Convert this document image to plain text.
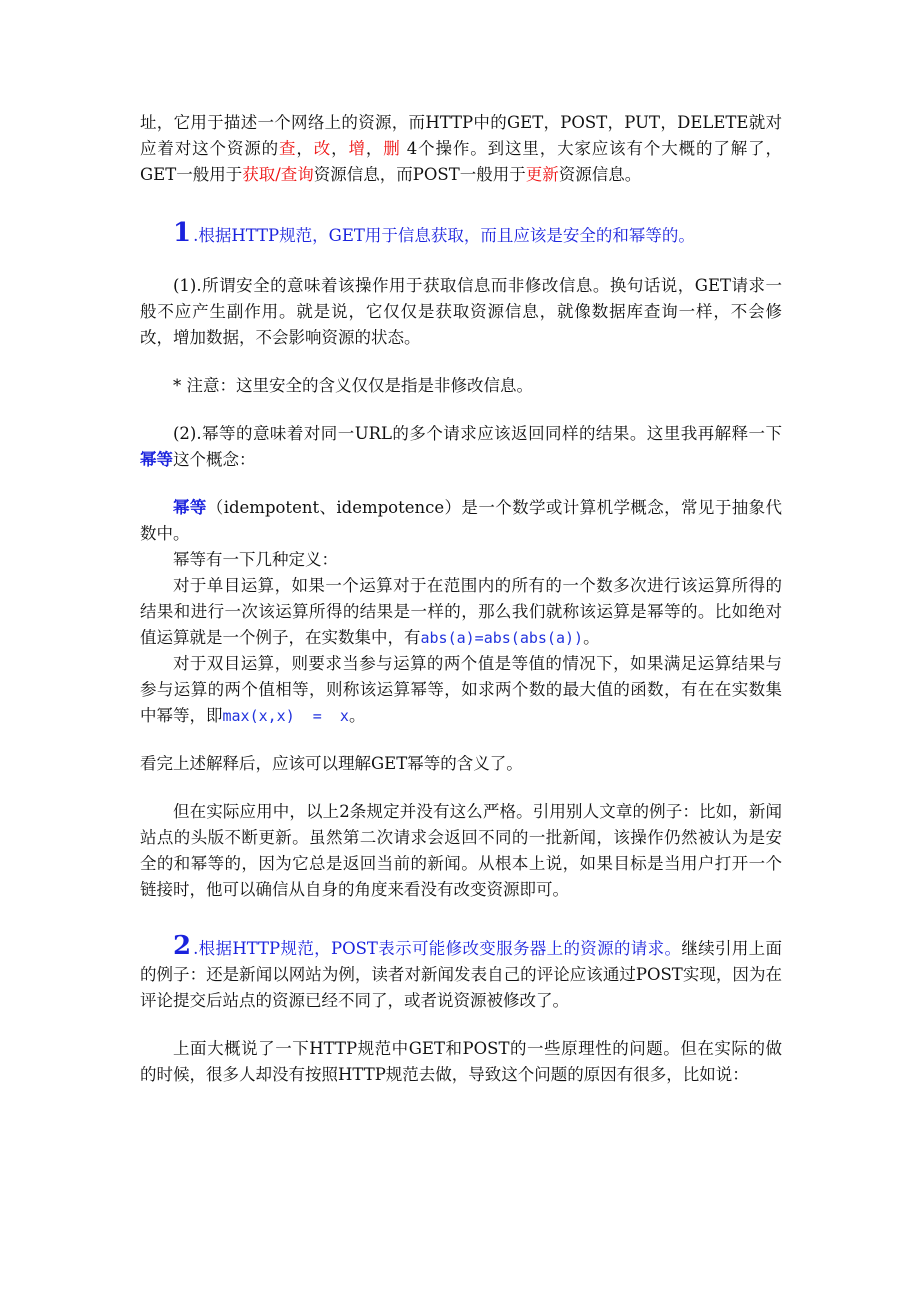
址，它用于描述一个网络上的资源，而HTTP中的GET，POST，PUT，DELETE就对应着对这个资源的查，改，增，删 4个操作。到这里，大家应该有个大概的了解了，GET一般用于获取/查询资源信息，而POST一般用于更新资源信息。

1 .根据HTTP规范，GET用于信息获取，而且应该是安全的和幂等的。

(1).所谓安全的意味着该操作用于获取信息而非修改信息。换句话说，GET请求一般不应产生副作用。就是说，它仅仅是获取资源信息，就像数据库查询一样，不会修改，增加数据，不会影响资源的状态。

* 注意：这里安全的含义仅仅是指是非修改信息。

(2).幂等的意味着对同一URL的多个请求应该返回同样的结果。这里我再解释一下幂等这个概念：

幂等（idempotent、idempotence）是一个数学或计算机学概念，常见于抽象代数中。

幂等有一下几种定义：

对于单目运算，如果一个运算对于在范围内的所有的一个数多次进行该运算所得的结果和进行一次该运算所得的结果是一样的，那么我们就称该运算是幂等的。比如绝对值运算就是一个例子，在实数集中，有abs(a)=abs(abs(a))。

对于双目运算，则要求当参与运算的两个值是等值的情况下，如果满足运算结果与参与运算的两个值相等，则称该运算幂等，如求两个数的最大值的函数，有在在实数集中幂等，即max(x,x)  =  x。

看完上述解释后，应该可以理解GET幂等的含义了。

但在实际应用中，以上2条规定并没有这么严格。引用别人文章的例子：比如，新闻站点的头版不断更新。虽然第二次请求会返回不同的一批新闻，该操作仍然被认为是安全的和幂等的，因为它总是返回当前的新闻。从根本上说，如果目标是当用户打开一个链接时，他可以确信从自身的角度来看没有改变资源即可。

2 .根据HTTP规范，POST表示可能修改变服务器上的资源的请求。继续引用上面的例子：还是新闻以网站为例，读者对新闻发表自己的评论应该通过POST实现，因为在评论提交后站点的资源已经不同了，或者说资源被修改了。

上面大概说了一下HTTP规范中GET和POST的一些原理性的问题。但在实际的做的时候，很多人却没有按照HTTP规范去做，导致这个问题的原因有很多，比如说：
